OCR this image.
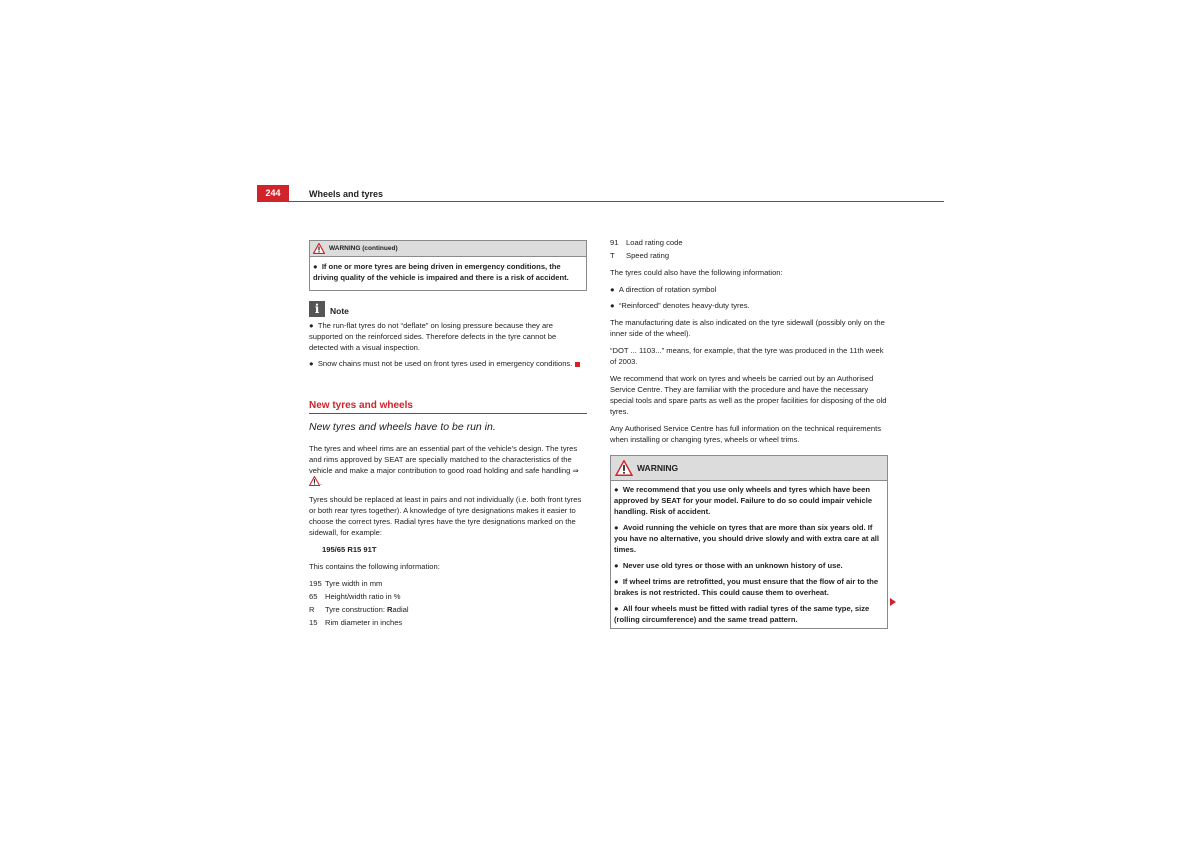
244	Wheels and tyres
WARNING (continued)
●  If one or more tyres are being driven in emergency conditions, the driving quality of the vehicle is impaired and there is a risk of accident.
i	Note
●  The run-flat tyres do not “deflate” on losing pressure because they are supported on the reinforced sides. Therefore defects in the tyre cannot be detected with a visual inspection.
●  Snow chains must not be used on front tyres used in emergency conditions.
New tyres and wheels
New tyres and wheels have to be run in.

The tyres and wheel rims are an essential part of the vehicle’s design. The tyres and rims approved by SEAT are specially matched to the characteristics of the vehicle and make a major contribution to good road holding and safe handling ⇒ .

Tyres should be replaced at least in pairs and not individually (i.e. both front tyres or both rear tyres together). A knowledge of tyre designations makes it easier to choose the correct tyres. Radial tyres have the tyre designations marked on the sidewall, for example:

195/65 R15 91T

This contains the following information:

195 Tyre width in mm
65 Height/width ratio in %
R	Tyre construction: Radial
15 Rim diameter in inches
91 Load rating code
T	Speed rating

The tyres could also have the following information:

●  A direction of rotation symbol
●  “Reinforced” denotes heavy-duty tyres.

The manufacturing date is also indicated on the tyre sidewall (possibly only on the inner side of the wheel).

“DOT ... 1103...” means, for example, that the tyre was produced in the 11th week of 2003.

We recommend that work on tyres and wheels be carried out by an Authorised Service Centre. They are familiar with the procedure and have the necessary special tools and spare parts as well as the proper facilities for disposing of the old tyres.

Any Authorised Service Centre has full information on the technical requirements when installing or changing tyres, wheels or wheel trims.

WARNING
●  We recommend that you use only wheels and tyres which have been approved by SEAT for your model. Failure to do so could impair vehicle handling. Risk of accident.
●  Avoid running the vehicle on tyres that are more than six years old. If you have no alternative, you should drive slowly and with extra care at all times.
●  Never use old tyres or those with an unknown history of use.
●  If wheel trims are retrofitted, you must ensure that the flow of air to the brakes is not restricted. This could cause them to overheat.
●  All four wheels must be fitted with radial tyres of the same type, size (rolling circumference) and the same tread pattern.
